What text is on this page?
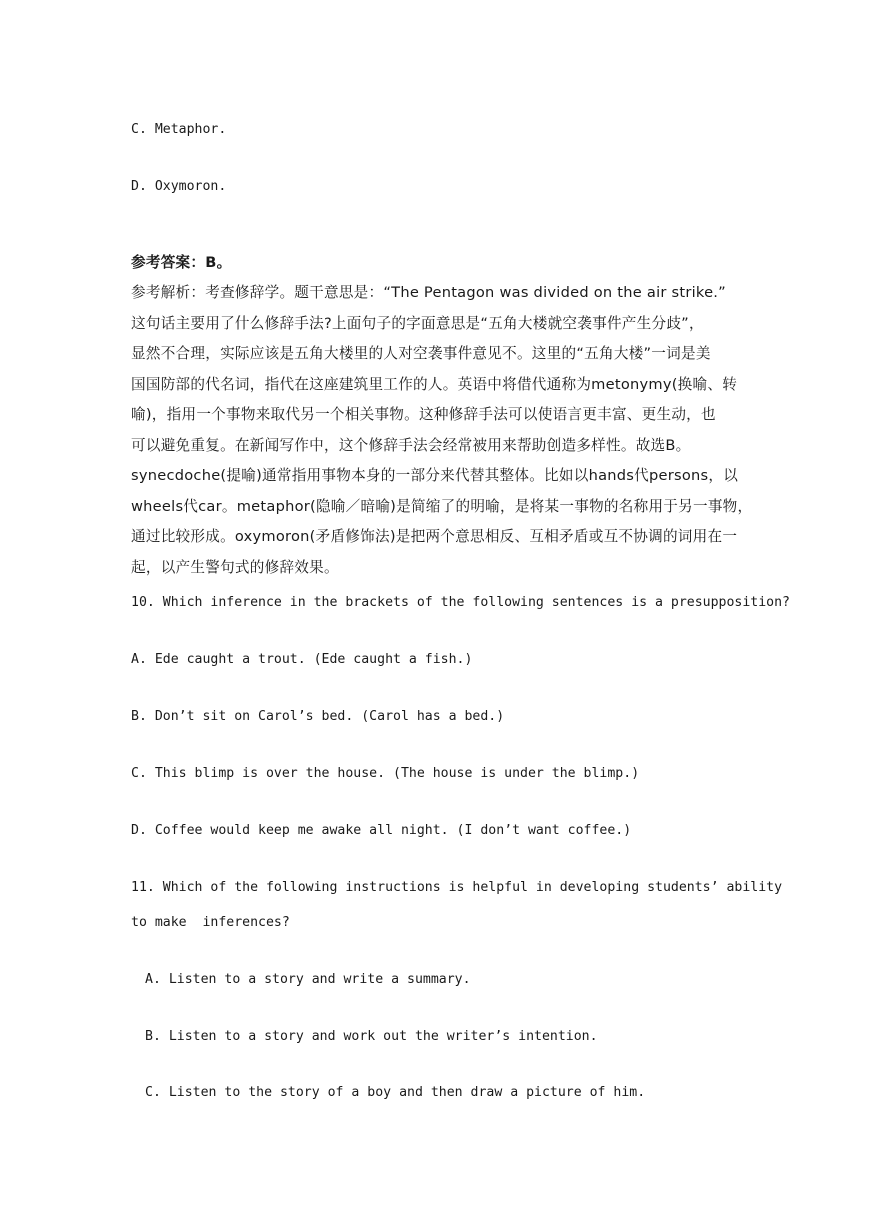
C. Metaphor.
D. Oxymoron.
参考答案：B。
参考解析：考查修辞学。题干意思是：“The Pentagon was divided on the air strike.”
这句话主要用了什么修辞手法?上面句子的字面意思是“五角大楼就空袭事件产生分歧”，
显然不合理，实际应该是五角大楼里的人对空袭事件意见不。这里的“五角大楼”一词是美
国国防部的代名词，指代在这座建筑里工作的人。英语中将借代通称为metonymy(换喻、转
喻)，指用一个事物来取代另一个相关事物。这种修辞手法可以使语言更丰富、更生动，也
可以避免重复。在新闻写作中，这个修辞手法会经常被用来帮助创造多样性。故选B。
synecdoche(提喻)通常指用事物本身的一部分来代替其整体。比如以hands代persons，以
wheels代car。metaphor(隐喻／暗喻)是简缩了的明喻，是将某一事物的名称用于另一事物，
通过比较形成。oxymoron(矛盾修饰法)是把两个意思相反、互相矛盾或互不协调的词用在一
起，以产生警句式的修辞效果。
10. Which inference in the brackets of the following sentences is a presupposition?
A. Ede caught a trout. (Ede caught a fish.)
B. Don’t sit on Carol’s bed. (Carol has a bed.)
C. This blimp is over the house. (The house is under the blimp.)
D. Coffee would keep me awake all night. (I don’t want coffee.)
11. Which of the following instructions is helpful in developing students’ ability
to make  inferences?
A. Listen to a story and write a summary.
B. Listen to a story and work out the writer’s intention.
C. Listen to the story of a boy and then draw a picture of him.
